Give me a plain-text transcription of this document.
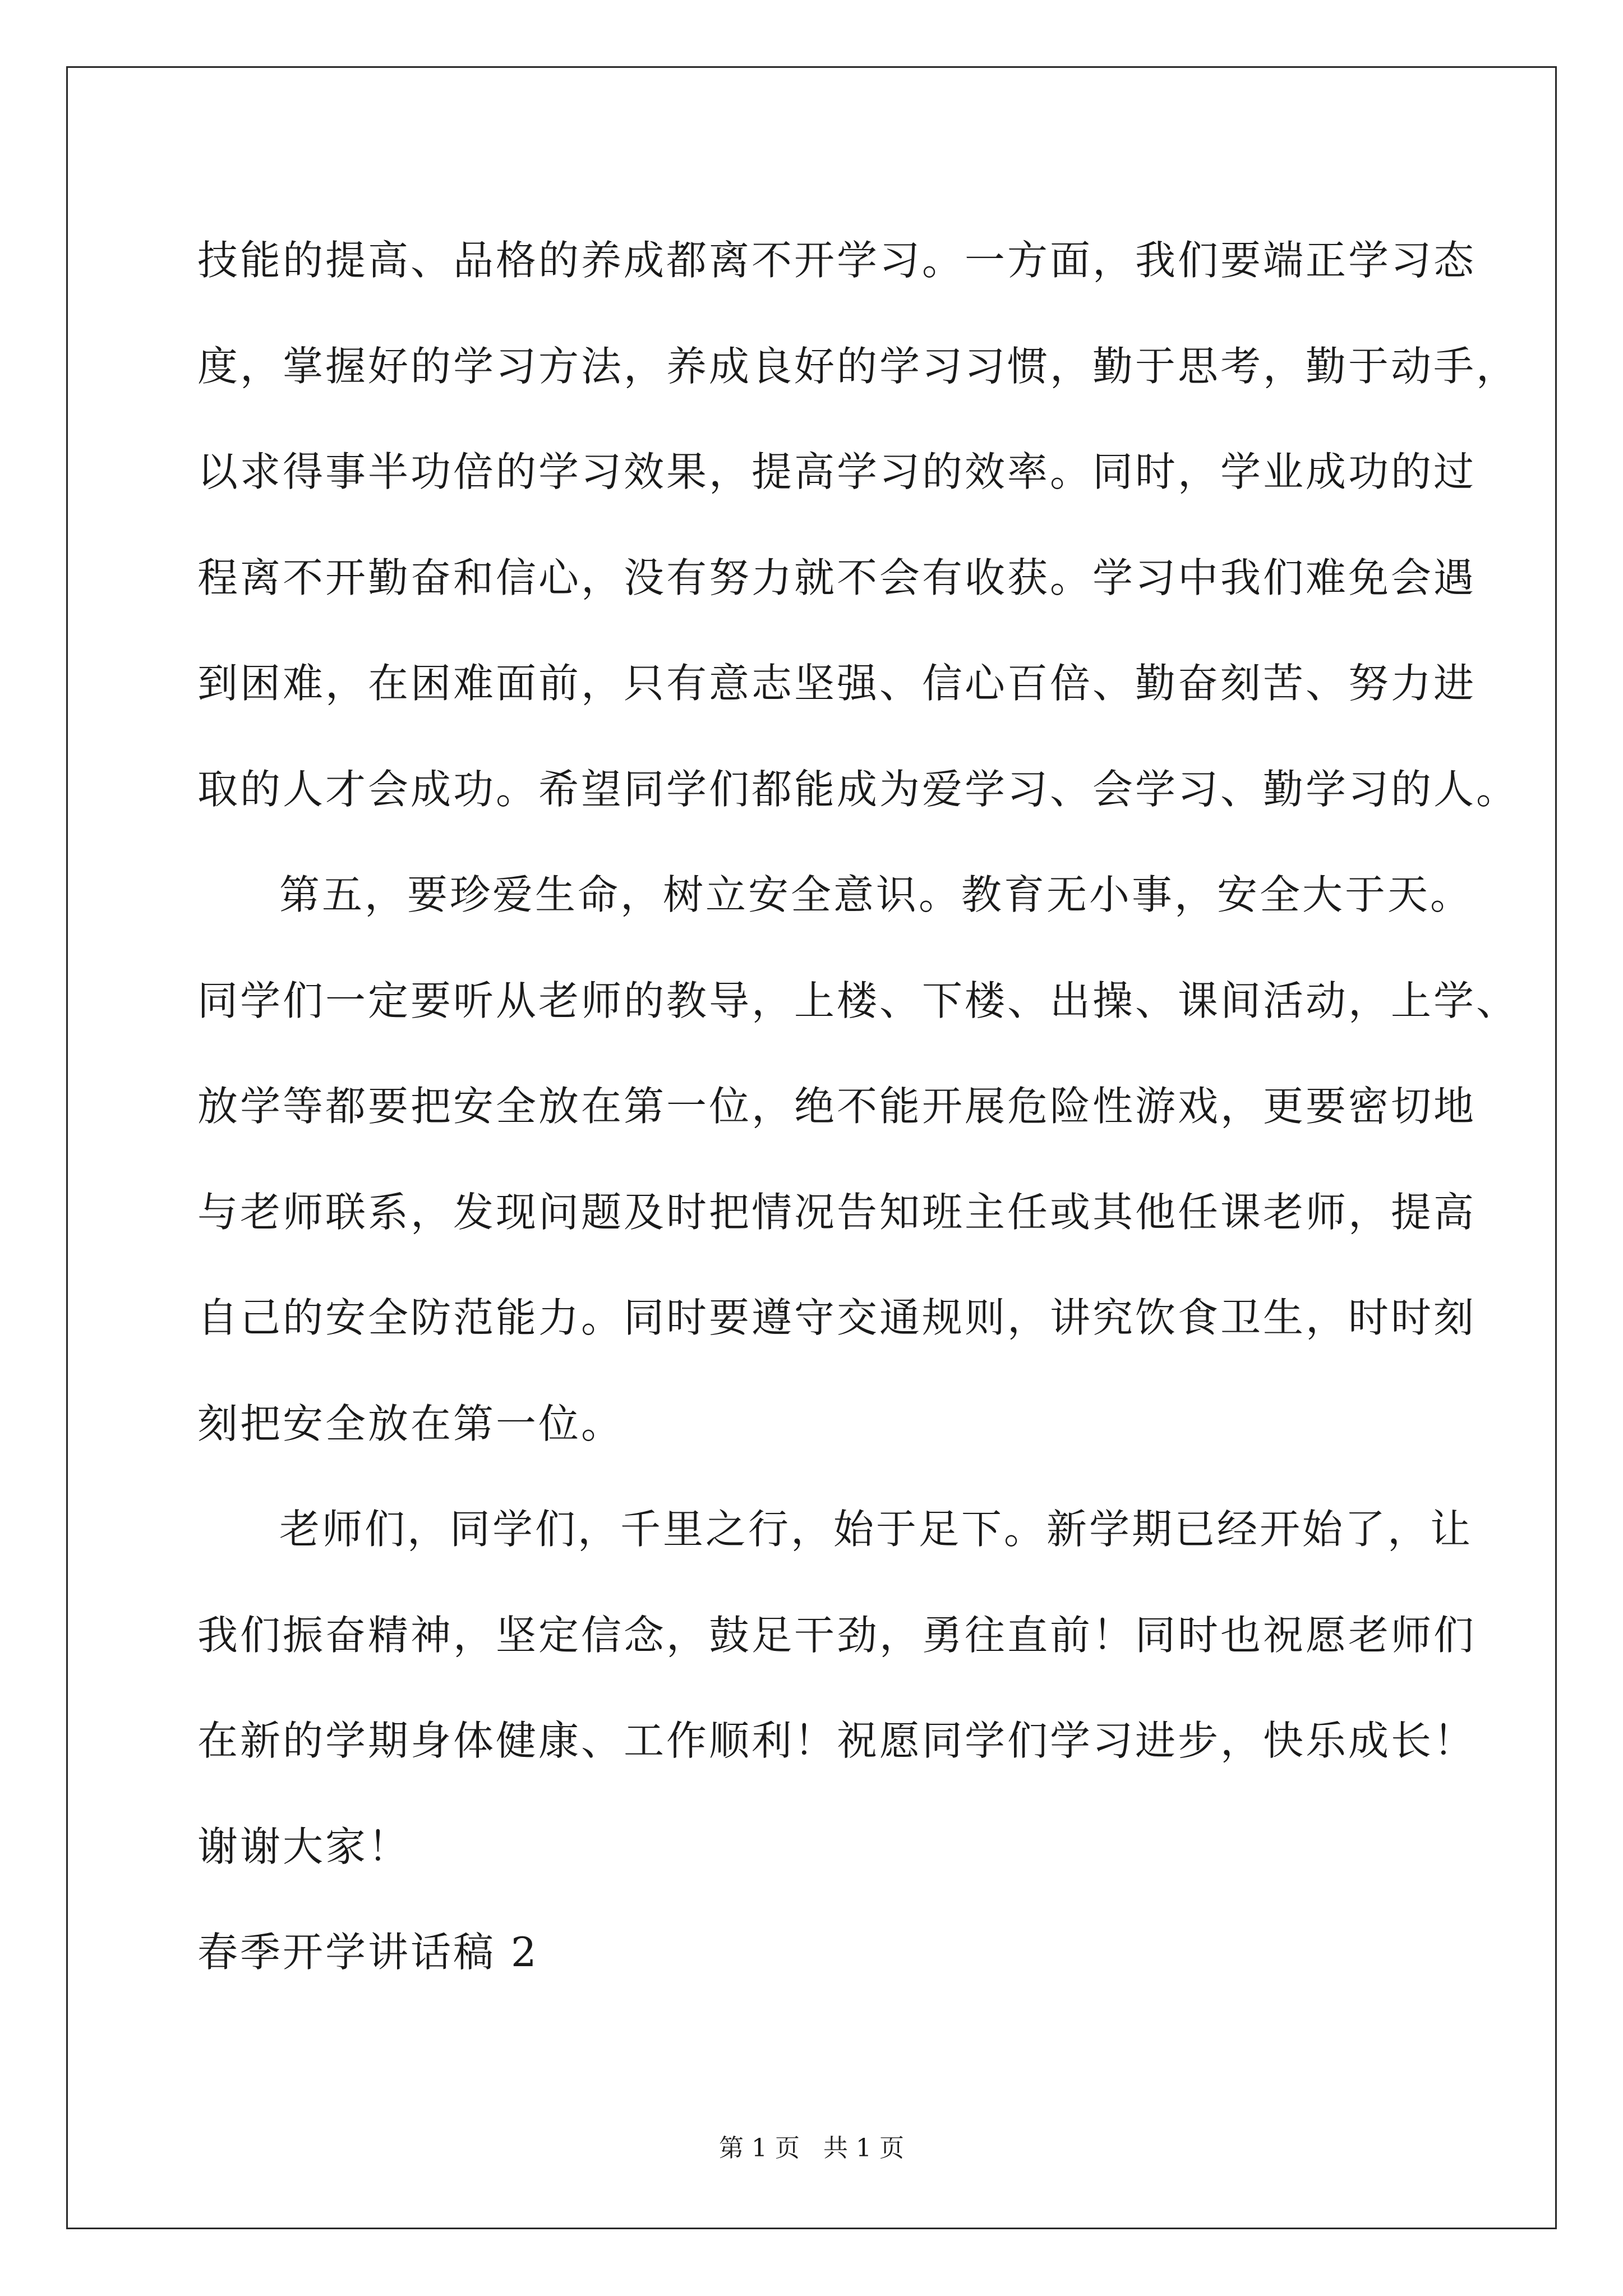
技能的提高、品格的养成都离不开学习。一方面，我们要端正学习态
度，掌握好的学习方法，养成良好的学习习惯，勤于思考，勤于动手，
以求得事半功倍的学习效果，提高学习的效率。同时，学业成功的过
程离不开勤奋和信心，没有努力就不会有收获。学习中我们难免会遇
到困难，在困难面前，只有意志坚强、信心百倍、勤奋刻苦、努力进
取的人才会成功。希望同学们都能成为爱学习、会学习、勤学习的人。
第五，要珍爱生命，树立安全意识。教育无小事，安全大于天。
同学们一定要听从老师的教导，上楼、下楼、出操、课间活动，上学、
放学等都要把安全放在第一位，绝不能开展危险性游戏，更要密切地
与老师联系，发现问题及时把情况告知班主任或其他任课老师，提高
自己的安全防范能力。同时要遵守交通规则，讲究饮食卫生，时时刻
刻把安全放在第一位。
老师们，同学们，千里之行，始于足下。新学期已经开始了，让
我们振奋精神，坚定信念，鼓足干劲，勇往直前！同时也祝愿老师们
在新的学期身体健康、工作顺利！祝愿同学们学习进步，快乐成长！
谢谢大家！
春季开学讲话稿 2
第 1 页   共 1 页
